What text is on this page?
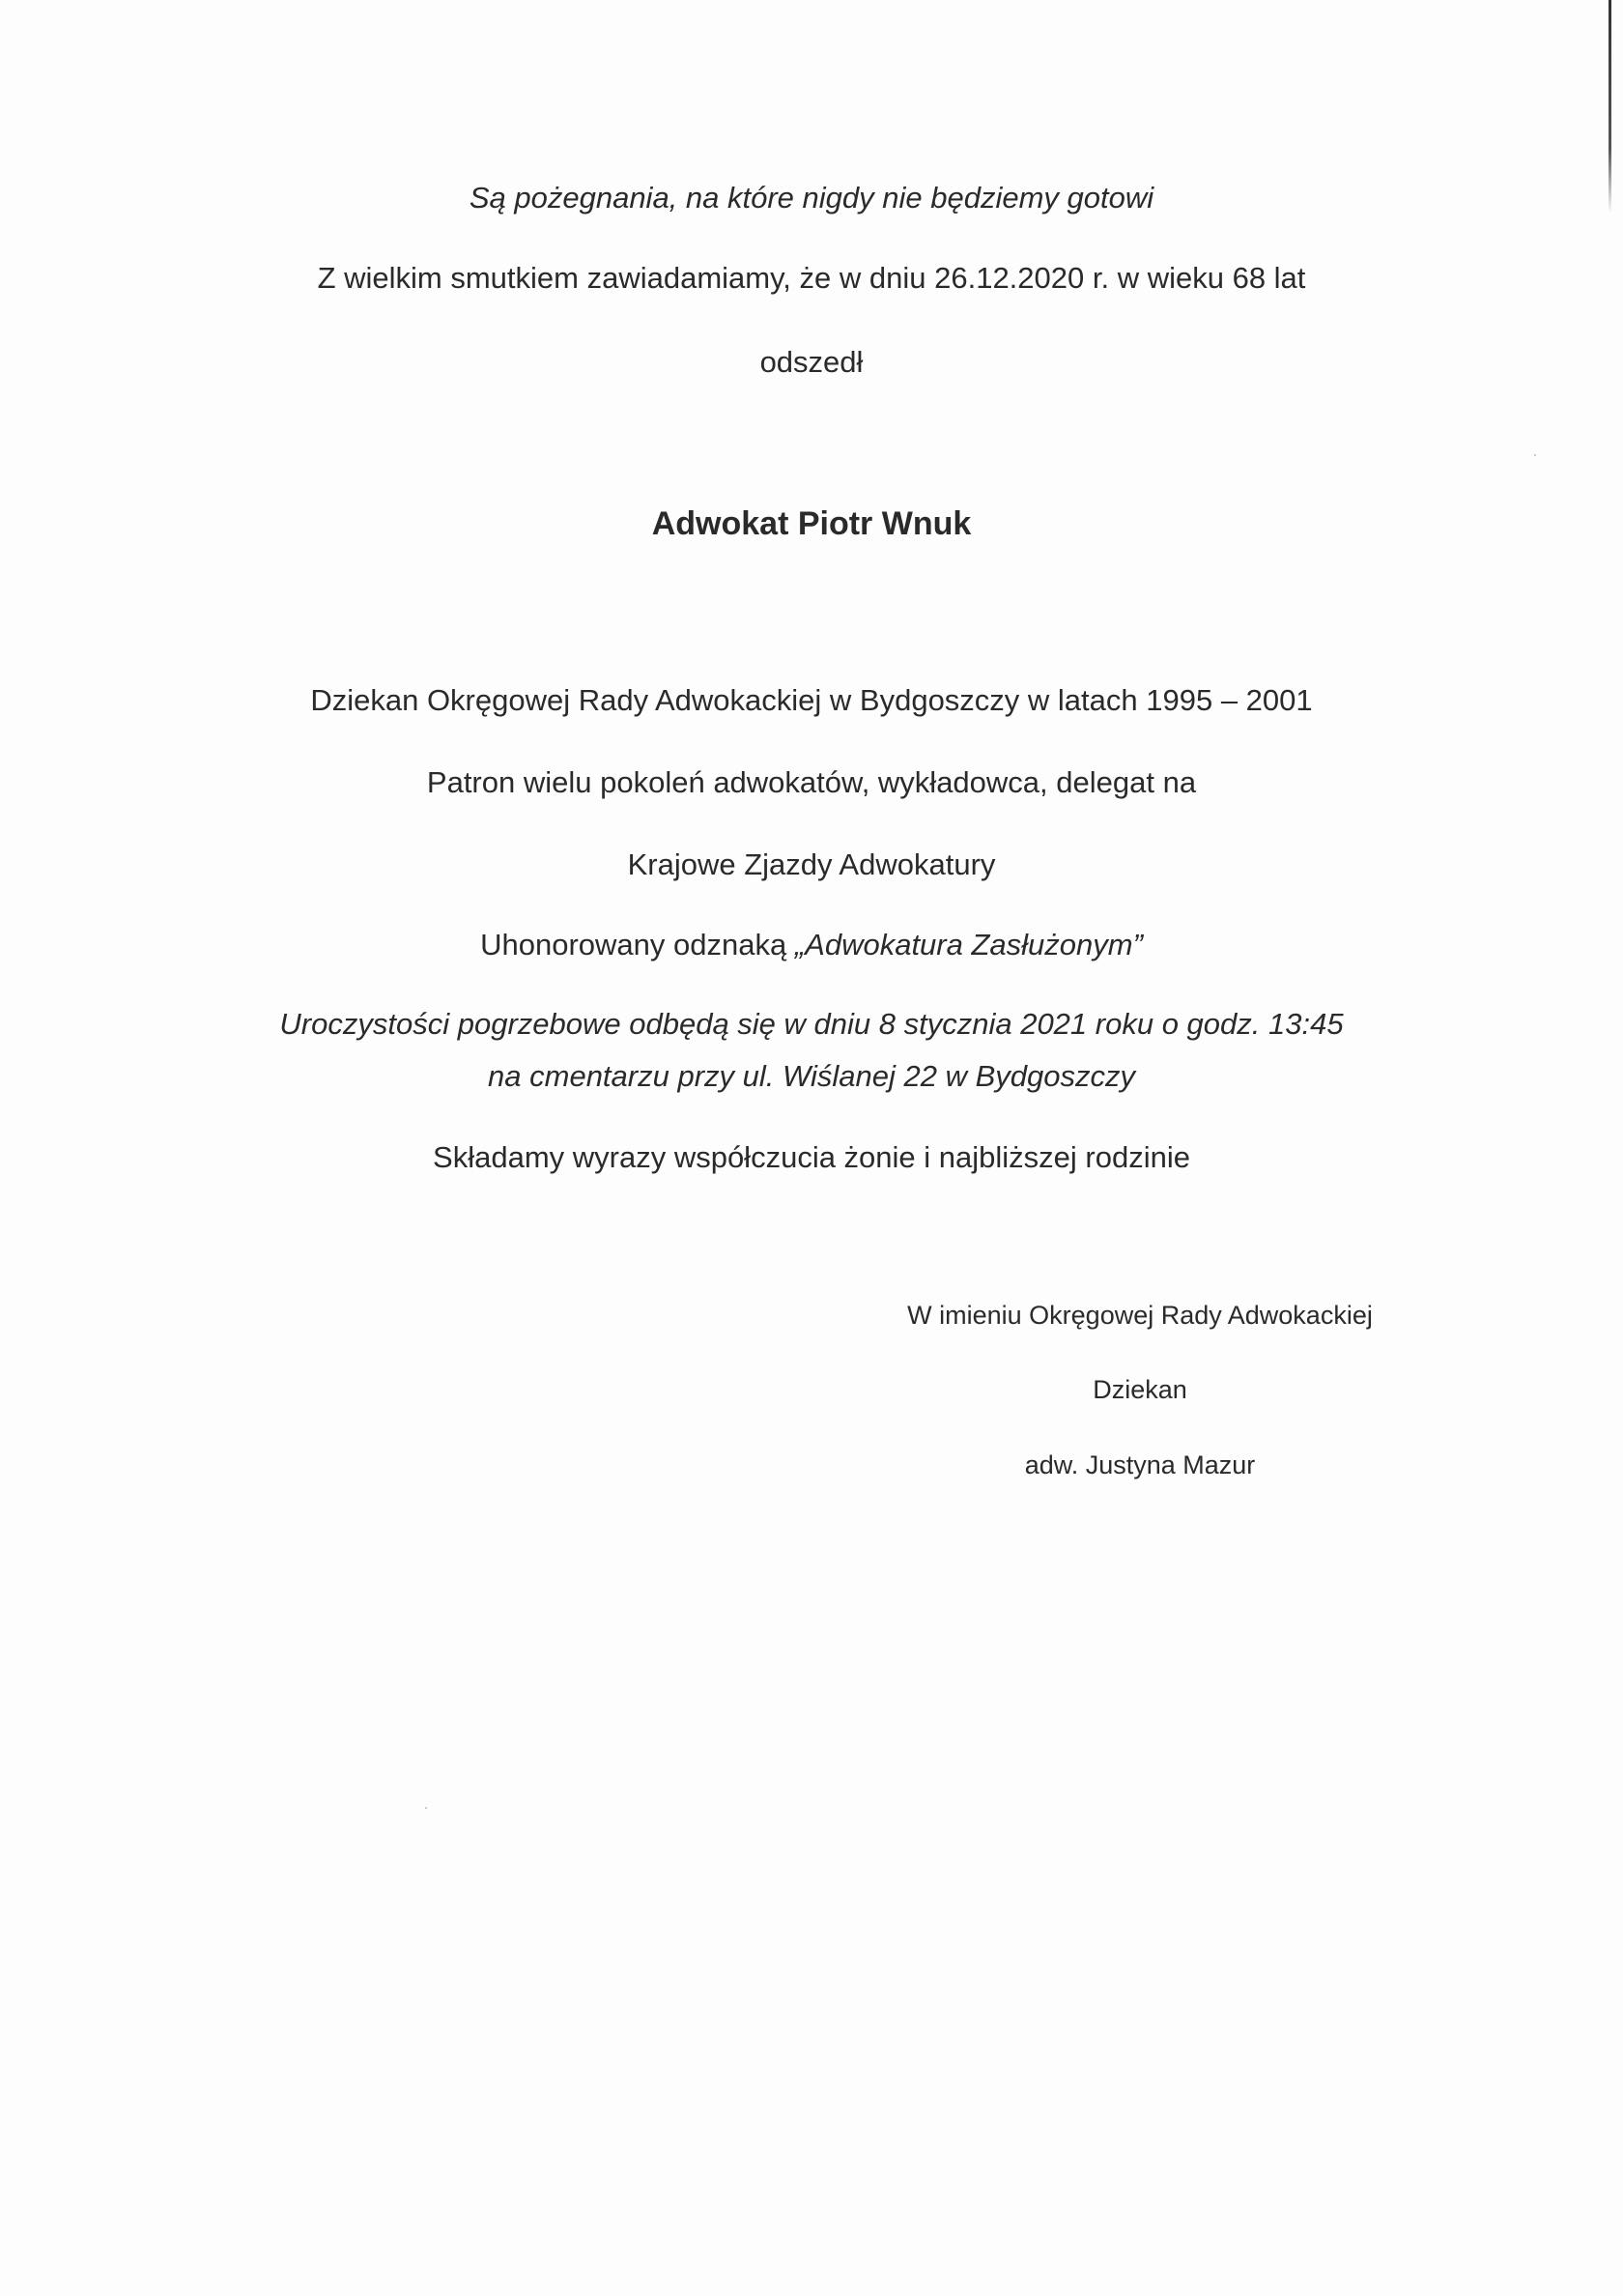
Są pożegnania, na które nigdy nie będziemy gotowi
Z wielkim smutkiem zawiadamiamy, że w dniu 26.12.2020 r. w wieku 68 lat
odszedł
Adwokat Piotr Wnuk
Dziekan Okręgowej Rady Adwokackiej w Bydgoszczy w latach 1995 – 2001
Patron wielu pokoleń adwokatów, wykładowca, delegat na
Krajowe Zjazdy Adwokatury
Uhonorowany odznaką „Adwokatura Zasłużonym”
Uroczystości pogrzebowe odbędą się w dniu 8 stycznia 2021 roku o godz. 13:45
na cmentarzu przy ul. Wiślanej 22 w Bydgoszczy
Składamy wyrazy współczucia żonie i najbliższej rodzinie
W imieniu Okręgowej Rady Adwokackiej
Dziekan
adw. Justyna Mazur
